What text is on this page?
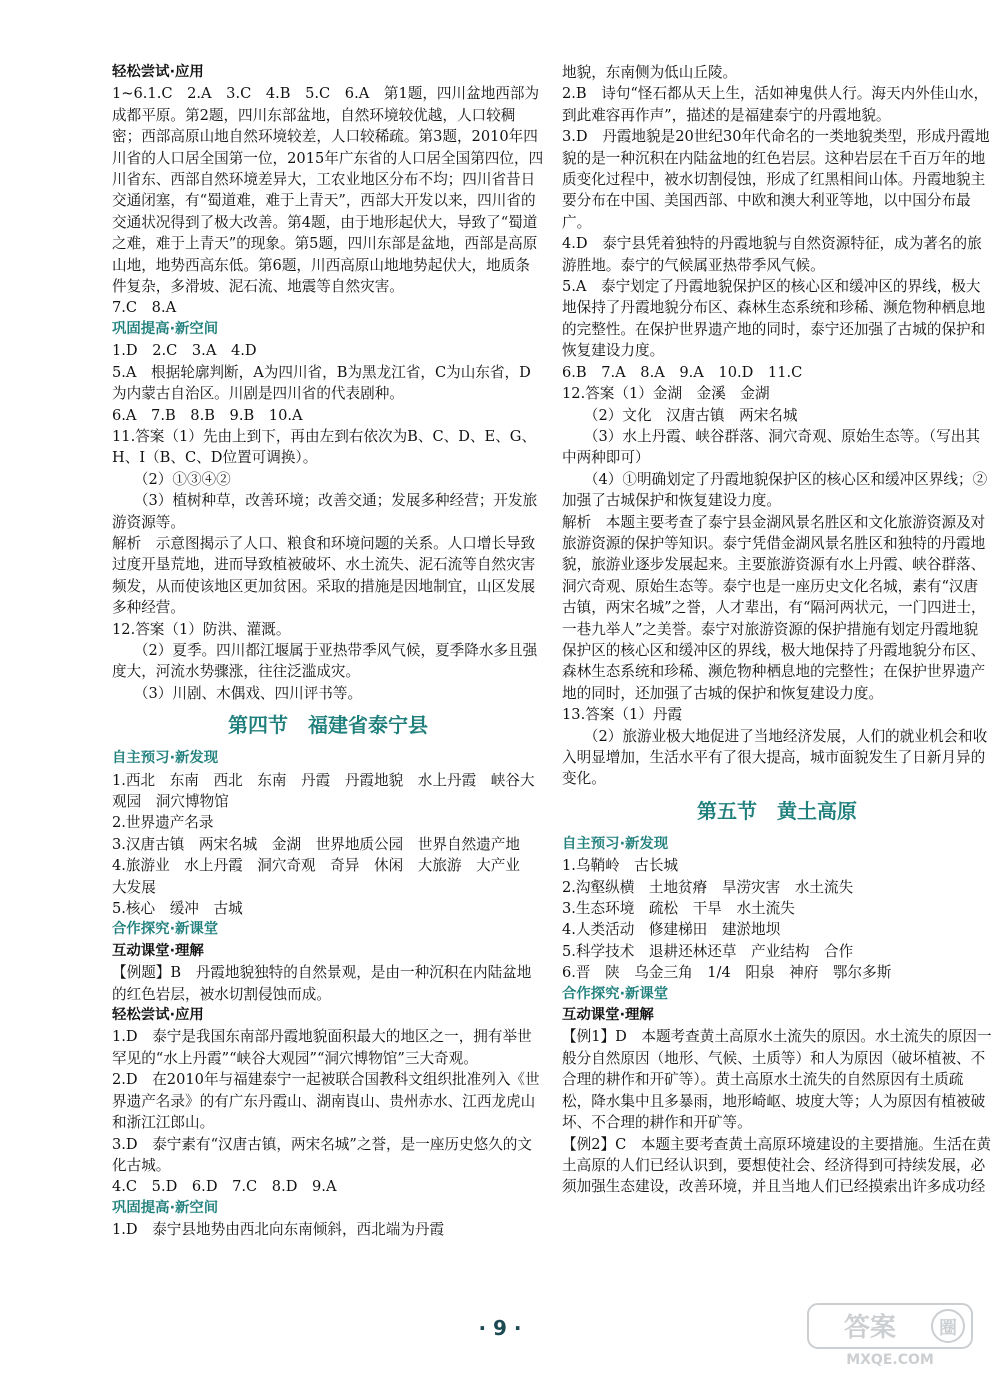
轻松尝试·应用

1~6.1.C　2.A　3.C　4.B　5.C　6.A　第1题，四川盆地西部为成都平原。第2题，四川东部盆地，自然环境较优越，人口较稠密；西部高原山地自然环境较差，人口较稀疏。第3题，2010年四川省的人口居全国第一位，2015年广东省的人口居全国第四位，四川省东、西部自然环境差异大，工农业地区分布不均；四川省昔日交通闭塞，有“蜀道难，难于上青天”，西部大开发以来，四川省的交通状况得到了极大改善。第4题，由于地形起伏大，导致了“蜀道之难，难于上青天”的现象。第5题，四川东部是盆地，西部是高原山地，地势西高东低。第6题，川西高原山地地势起伏大，地质条件复杂，多滑坡、泥石流、地震等自然灾害。

7.C　8.A

巩固提高·新空间

1.D　2.C　3.A　4.D

5.A　根据轮廓判断，A为四川省，B为黑龙江省，C为山东省，D为内蒙古自治区。川剧是四川省的代表剧种。

6.A　7.B　8.B　9.B　10.A

11.答案（1）先由上到下，再由左到右依次为B、C、D、E、G、H、I（B、C、D位置可调换）。
　　（2）①③④②
　　（3）植树种草，改善环境；改善交通；发展多种经营；开发旅游资源等。
解析　示意图揭示了人口、粮食和环境问题的关系。人口增长导致过度开垦荒地，进而导致植被破坏、水土流失、泥石流等自然灾害频发，从而使该地区更加贫困。采取的措施是因地制宜，山区发展多种经营。

12.答案（1）防洪、灌溉。
　　（2）夏季。四川都江堰属于亚热带季风气候，夏季降水多且强度大，河流水势骤涨，往往泛滥成灾。
　　（3）川剧、木偶戏、四川评书等。

第四节　福建省泰宁县

自主预习·新发现

1.西北　东南　西北　东南　丹霞　丹霞地貌　水上丹霞　峡谷大观园　洞穴博物馆

2.世界遗产名录

3.汉唐古镇　两宋名城　金湖　世界地质公园　世界自然遗产地

4.旅游业　水上丹霞　洞穴奇观　奇异　休闲　大旅游　大产业　大发展

5.核心　缓冲　古城

合作探究·新课堂

互动课堂·理解

【例题】B　丹霞地貌独特的自然景观，是由一种沉积在内陆盆地的红色岩层，被水切割侵蚀而成。

轻松尝试·应用

1.D　泰宁是我国东南部丹霞地貌面积最大的地区之一，拥有举世罕见的“水上丹霞”“峡谷大观园”“洞穴博物馆”三大奇观。

2.D　在2010年与福建泰宁一起被联合国教科文组织批准列入《世界遗产名录》的有广东丹霞山、湖南崀山、贵州赤水、江西龙虎山和浙江江郎山。

3.D　泰宁素有“汉唐古镇，两宋名城”之誉，是一座历史悠久的文化古城。

4.C　5.D　6.D　7.C　8.D　9.A

巩固提高·新空间

1.D　泰宁县地势由西北向东南倾斜，西北端为丹霞

地貌，东南侧为低山丘陵。

2.B　诗句“怪石都从天上生，活如神鬼供人行。海天内外佳山水，到此难容再作声”，描述的是福建泰宁的丹霞地貌。

3.D　丹霞地貌是20世纪30年代命名的一类地貌类型，形成丹霞地貌的是一种沉积在内陆盆地的红色岩层。这种岩层在千百万年的地质变化过程中，被水切割侵蚀，形成了红黑相间山体。丹霞地貌主要分布在中国、美国西部、中欧和澳大利亚等地，以中国分布最广。

4.D　泰宁县凭着独特的丹霞地貌与自然资源特征，成为著名的旅游胜地。泰宁的气候属亚热带季风气候。

5.A　泰宁划定了丹霞地貌保护区的核心区和缓冲区的界线，极大地保持了丹霞地貌分布区、森林生态系统和珍稀、濒危物种栖息地的完整性。在保护世界遗产地的同时，泰宁还加强了古城的保护和恢复建设力度。

6.B　7.A　8.A　9.A　10.D　11.C

12.答案（1）金湖　金溪　金湖
　　（2）文化　汉唐古镇　两宋名城
　　（3）水上丹霞、峡谷群落、洞穴奇观、原始生态等。（写出其中两种即可）
　　（4）①明确划定了丹霞地貌保护区的核心区和缓冲区界线；②加强了古城保护和恢复建设力度。
解析　本题主要考查了泰宁县金湖风景名胜区和文化旅游资源及对旅游资源的保护等知识。泰宁凭借金湖风景名胜区和独特的丹霞地貌，旅游业逐步发展起来。主要旅游资源有水上丹霞、峡谷群落、洞穴奇观、原始生态等。泰宁也是一座历史文化名城，素有“汉唐古镇，两宋名城”之誉，人才辈出，有“隔河两状元，一门四进士，一巷九举人”之美誉。泰宁对旅游资源的保护措施有划定丹霞地貌保护区的核心区和缓冲区的界线，极大地保持了丹霞地貌分布区、森林生态系统和珍稀、濒危物种栖息地的完整性；在保护世界遗产地的同时，还加强了古城的保护和恢复建设力度。

13.答案（1）丹霞
　　（2）旅游业极大地促进了当地经济发展，人们的就业机会和收入明显增加，生活水平有了很大提高，城市面貌发生了日新月异的变化。

第五节　黄土高原

自主预习·新发现

1.乌鞘岭　古长城

2.沟壑纵横　土地贫瘠　旱涝灾害　水土流失

3.生态环境　疏松　干旱　水土流失

4.人类活动　修建梯田　建淤地坝

5.科学技术　退耕还林还草　产业结构　合作

6.晋　陕　乌金三角　1/4　阳泉　神府　鄂尔多斯

合作探究·新课堂

互动课堂·理解

【例1】D　本题考查黄土高原水土流失的原因。水土流失的原因一般分自然原因（地形、气候、土质等）和人为原因（破坏植被、不合理的耕作和开矿等）。黄土高原水土流失的自然原因有土质疏松，降水集中且多暴雨，地形崎岖、坡度大等；人为原因有植被破坏、不合理的耕作和开矿等。

【例2】C　本题主要考查黄土高原环境建设的主要措施。生活在黄土高原的人们已经认识到，要想使社会、经济得到可持续发展，必须加强生态建设，改善环境，并且当地人们已经摸索出许多成功经

· 9 ·	答案 圈
MXQE.COM
